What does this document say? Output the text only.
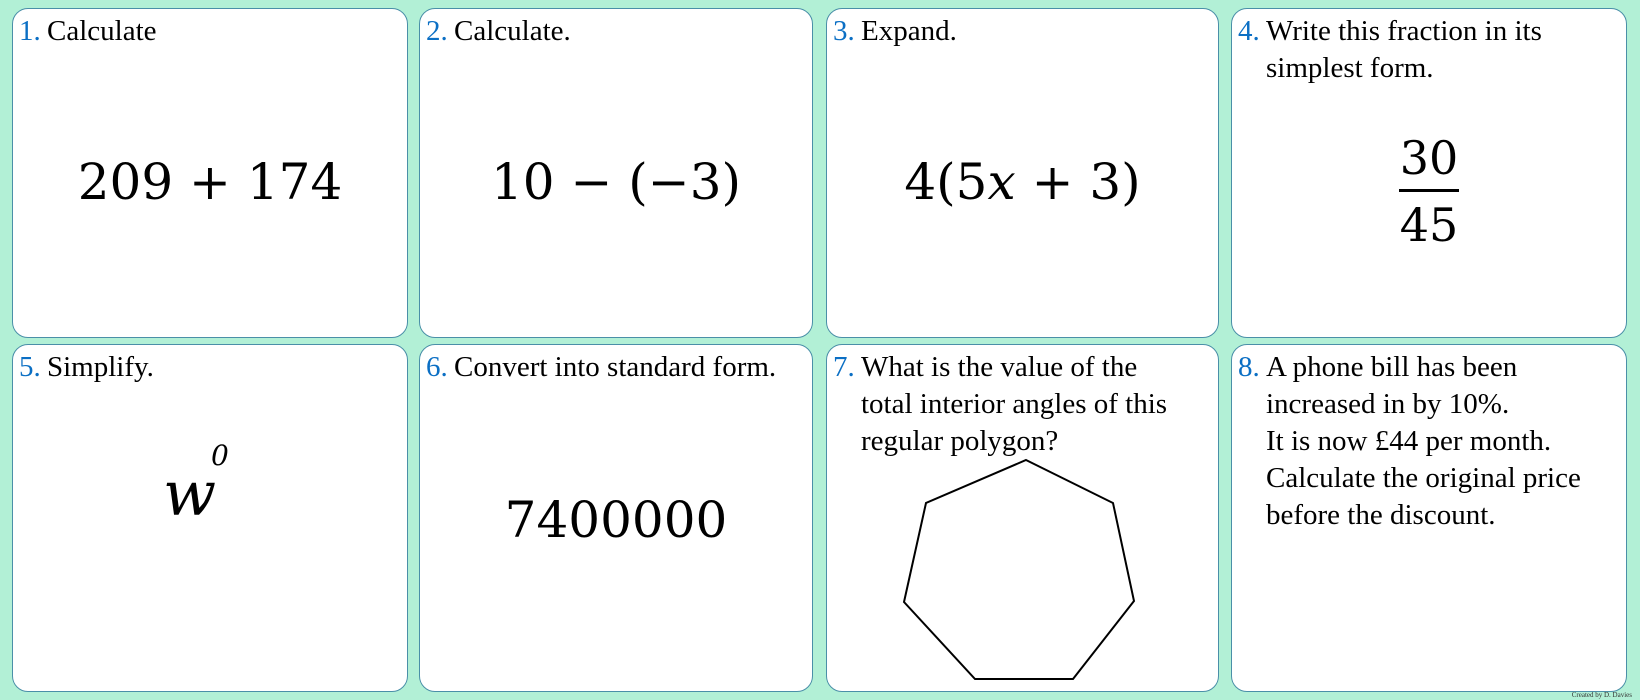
1. Calculate
209 + 174
2. Calculate.
10 − (−3)
3. Expand.
4(5x + 3)
4. Write this fraction in its
simplest form.
30
45
5. Simplify.
w
0
6. Convert into standard form.
7400000
7. What is the value of the
total interior angles of this
regular polygon?
8. A phone bill has been
increased in by 10%.
It is now £44 per month.
Calculate the original price
before the discount.
Created by D. Davies
